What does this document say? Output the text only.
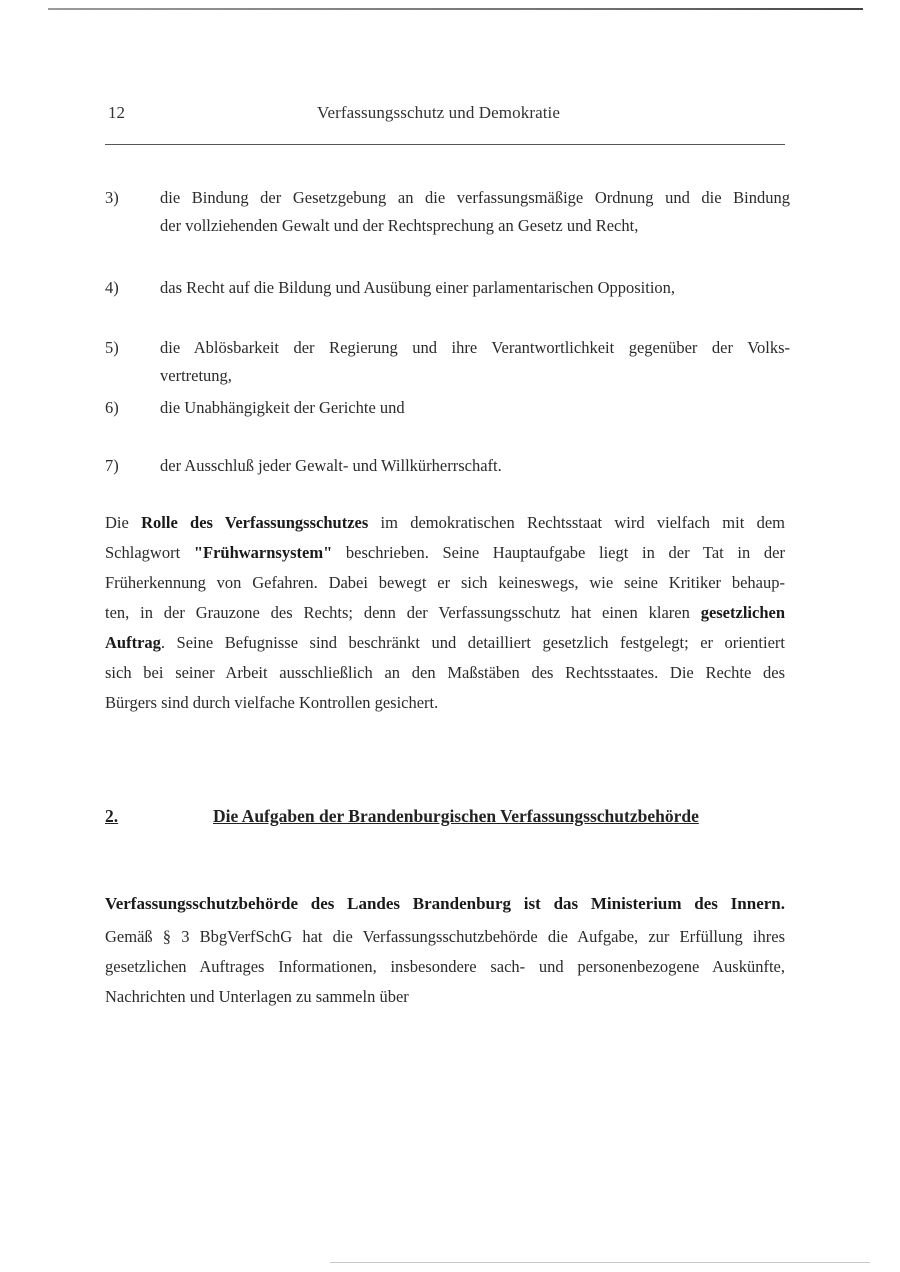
12	Verfassungsschutz und Demokratie
3)	die Bindung der Gesetzgebung an die verfassungsmäßige Ordnung und die Bindung
der vollziehenden Gewalt und der Rechtsprechung an Gesetz und Recht,
4)	das Recht auf die Bildung und Ausübung einer parlamentarischen Opposition,
5)	die Ablösbarkeit der Regierung und ihre Verantwortlichkeit gegenüber der Volks-
vertretung,
6)	die Unabhängigkeit der Gerichte und
7)	der Ausschluß jeder Gewalt- und Willkürherrschaft.
Die Rolle des Verfassungsschutzes im demokratischen Rechtsstaat wird vielfach mit dem
Schlagwort "Frühwarnsystem" beschrieben. Seine Hauptaufgabe liegt in der Tat in der
Früherkennung von Gefahren. Dabei bewegt er sich keineswegs, wie seine Kritiker behaup-
ten, in der Grauzone des Rechts; denn der Verfassungsschutz hat einen klaren gesetzlichen
Auftrag. Seine Befugnisse sind beschränkt und detailliert gesetzlich festgelegt; er orientiert
sich bei seiner Arbeit ausschließlich an den Maßstäben des Rechtsstaates. Die Rechte des
Bürgers sind durch vielfache Kontrollen gesichert.
2.	Die Aufgaben der Brandenburgischen Verfassungsschutzbehörde
Verfassungsschutzbehörde des Landes Brandenburg ist das Ministerium des Innern.
Gemäß § 3 BbgVerfSchG hat die Verfassungsschutzbehörde die Aufgabe, zur Erfüllung ihres
gesetzlichen Auftrages Informationen, insbesondere sach- und personenbezogene Auskünfte,
Nachrichten und Unterlagen zu sammeln über
